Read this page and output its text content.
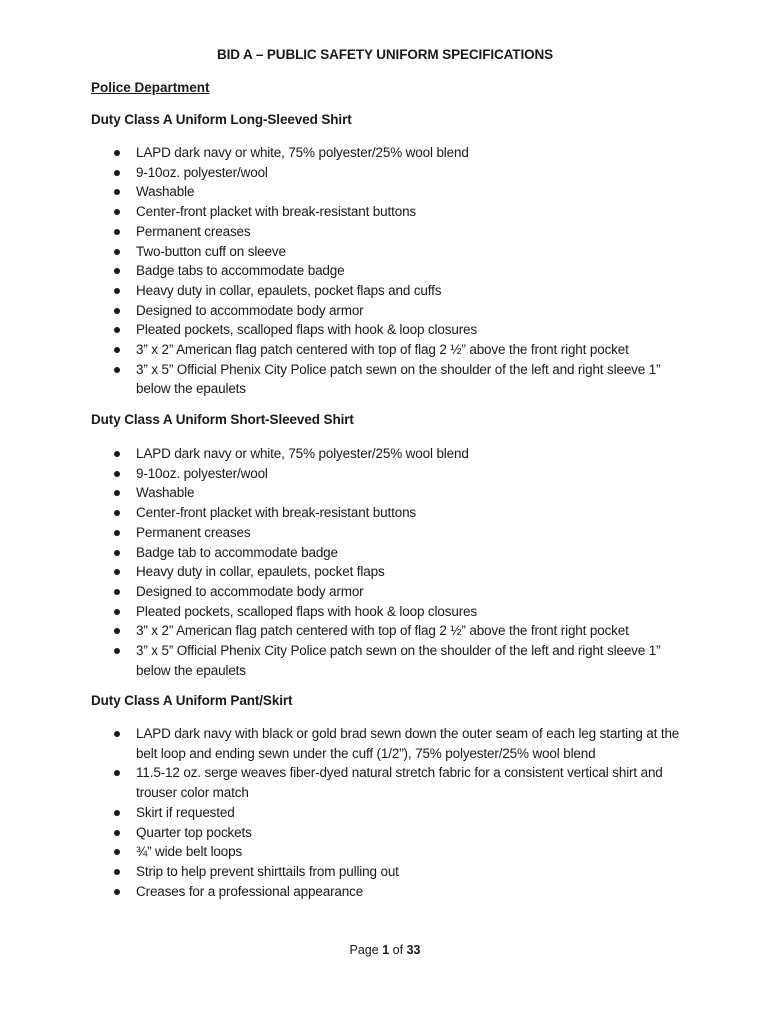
BID A – PUBLIC SAFETY UNIFORM SPECIFICATIONS
Police Department
Duty Class A Uniform Long-Sleeved Shirt
LAPD dark navy or white, 75% polyester/25% wool blend
9-10oz. polyester/wool
Washable
Center-front placket with break-resistant buttons
Permanent creases
Two-button cuff on sleeve
Badge tabs to accommodate badge
Heavy duty in collar, epaulets, pocket flaps and cuffs
Designed to accommodate body armor
Pleated pockets, scalloped flaps with hook & loop closures
3” x 2” American flag patch centered with top of flag 2 ½” above the front right pocket
3” x 5” Official Phenix City Police patch sewn on the shoulder of the left and right sleeve 1” below the epaulets
Duty Class A Uniform Short-Sleeved Shirt
LAPD dark navy or white, 75% polyester/25% wool blend
9-10oz. polyester/wool
Washable
Center-front placket with break-resistant buttons
Permanent creases
Badge tab to accommodate badge
Heavy duty in collar, epaulets, pocket flaps
Designed to accommodate body armor
Pleated pockets, scalloped flaps with hook & loop closures
3” x 2” American flag patch centered with top of flag 2 ½” above the front right pocket
3” x 5” Official Phenix City Police patch sewn on the shoulder of the left and right sleeve 1” below the epaulets
Duty Class A Uniform Pant/Skirt
LAPD dark navy with black or gold brad sewn down the outer seam of each leg starting at the belt loop and ending sewn under the cuff (1/2”), 75% polyester/25% wool blend
11.5-12 oz. serge weaves fiber-dyed natural stretch fabric for a consistent vertical shirt and trouser color match
Skirt if requested
Quarter top pockets
¾” wide belt loops
Strip to help prevent shirttails from pulling out
Creases for a professional appearance
Page 1 of 33
